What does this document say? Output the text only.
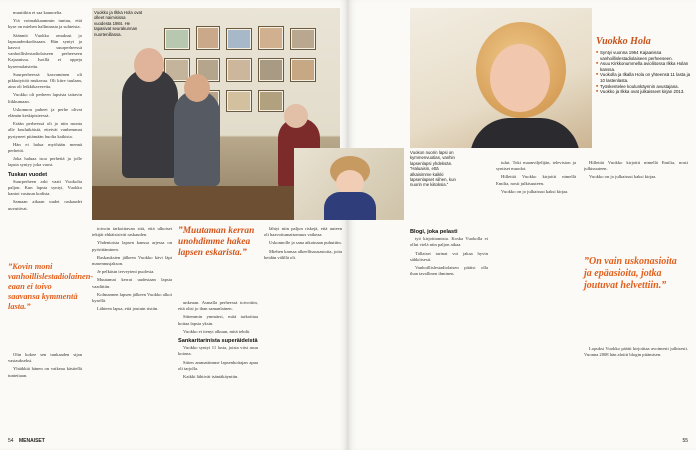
muuttikin ei saa kaunoelia.

Ytä voimakkaammin tuntuu, että kyse on miehen hallinnasta ja suhteista.

Säännöt Vuokko omaksui jo lapsuudenkodissaan. Hän syntyi ja kasvoi suurperheessä vanhoillislestadiolaiseen perheeseen Kajaanissa. Isoillä ei oppeja kyseenalaistettu.

Suurperheessä kasvaminen oli pikkutyttöä mukavaa. Oli kiire tuulaan, aina oli leikkikavereita.

Vuokko oli perheen lapsista taitavin liikkumaan.

Uskonnon puheet ja perhe olivat elämän keskipisteessä.

Erään perheessä oli jo niin monta alle kouluikäistä, etteivät vanhemmat pystyneet pitämään huolta kaikista.

Hän ei halua myöhään mennä perhettä.

Joka haluaa isoa perhettä ja jolle lapsia syntyy joka vuosi.

Tuskan vuodet

Suurperheen arki vaati Vuokolta paljon. Kun lapsia syntyi, Vuokko kantoi vastuun kodista.

Samaan aikaan uudet raskaudet uuvuttivat.

”Kovin moni vanhoillislestadiolaineneaan ei toivo saavansa kymmentä lasta.”

Olin kokee sen tunkaaden sijan vastaukseksi.

Yhtäkkiä hänen on vaikeaa käsitellä tunteitaan.

Vuokko ja Ilkka Hola ovat olleet naimisissa vuodesta 1984. He tapasivat seurakunnan nuortenillassa.

toivoin tarkoittavan sitä, että ulkoiset tekijät ehkäisisivät raskauden.

Yhdentoista lapsen kanssa arjessa on pyörittäminen.

Raskauksien jälkeen Vuokko kävi läpi masennusjakson.

Je pelkäsin terveyteni puolesta.

Muutamat kerrat uudestaan lapsia vaadittiin.

Kolmannen lapsen jälkeen Vuokko alkoi kysellä.

Lähteen lapsa, että joutuin ristiin.

”Muutaman kerran unohdimme hakea lapsen eskarista.”

unkeaan. Asmalla perheessä toivottiin, että olisi jo ihan samanlainen.

Sittemmin ymmärsi, mitä tarkoittaa hoitaa lapsia yksin.

Vuokko ei tienyt alkuun, mitä tehdä.

Sankaritarinista superäideistä

Vuokko syntyi 11 lasta, joista viisi asuu kotona.

Sitten ammattimme lapsenhoitajan apua oli tarjolla.

Kaikki lähtivät isäntäkäyntiin.

lähtyi niin paljon riskejä, että uuteen oli haavoitumattomuus vaikeaa.

Uskonnolle ja sana aikoinaan puhuttiin.

Miehen kanssa alkeellisuusasioita, joita heidän välillä oli.

54 MENAISET
Vuokon nuorin lapsi on kymmenvuotias, vanhin lapsenlapsi yhdeksän. ”Haluaisin, että alkaisimme kaikki lapsenlapset siihen, kun nuorin me kiitoksia.”
Vuokko Hola
■ Syntyi vuonna 1964 Kajaanissa vanhoillislestadiolaiseen perheeseen.
■ Asuu Kirkkonummella avioliitossa Ilkka Holan kanssa.
■ Vuokolla ja Ilkalla Hola on yhteensä 11 lasta ja 10 lastenlasta.
■ Työskentelee koulunkäynnin avustajana.
■ Vuokko ja Ilkka ovat julkaisseet kirjan 2013.
Blogi, joka pelasti

työ kirjoittamista. Koska Vuokolla ei ollut vielä niin paljon aikaa.

Tällaiset tarinat voi jakaa hyvin sähköisesti.

Vanhoillislestadiolaisen pitäisi olla ihan tavallinen ihminen.

tulut. Toki maanviljelijän, television ja syntiset muodot.

Hillettiä Vuokko kirjoitti nimellä Emilia, nosti julkisuuteen.

Vuokko on jo julkaissut kaksi kirjaa.

Hillettiä Vuokko kirjoitti nimellä Emilia, nosti julkisuuteen.

Vuokko on jo julkaissut kaksi kirjaa.

”On vain uskonasioita ja epäasioita, jotka joutuvat helvettiin.”

Lopuksi Vuokko päätti kirjoittaa avoimesti julkisesti. Vuonna 2008 hän aloitti blogin pitämisen.

55
